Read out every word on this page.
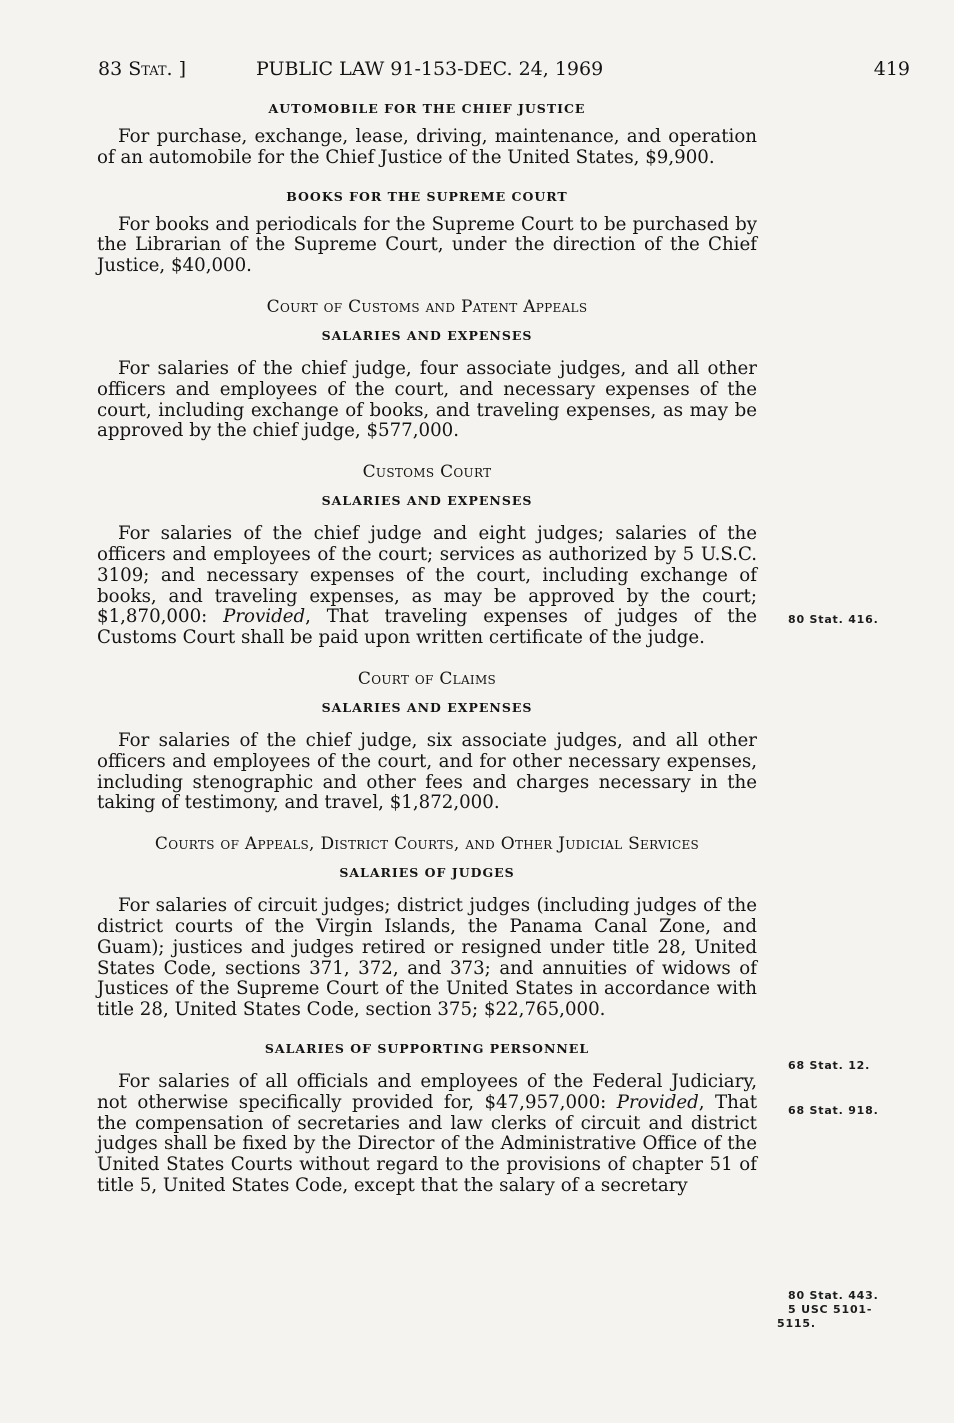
83 Stat. ]	PUBLIC LAW 91-153-DEC. 24, 1969	419
AUTOMOBILE FOR THE CHIEF JUSTICE

For purchase, exchange, lease, driving, maintenance, and operation of an automobile for the Chief Justice of the United States, $9,900.

BOOKS FOR THE SUPREME COURT

For books and periodicals for the Supreme Court to be purchased by the Librarian of the Supreme Court, under the direction of the Chief Justice, $40,000.

Court of Customs and Patent Appeals
SALARIES AND EXPENSES

For salaries of the chief judge, four associate judges, and all other officers and employees of the court, and necessary expenses of the court, including exchange of books, and traveling expenses, as may be approved by the chief judge, $577,000.

Customs Court
SALARIES AND EXPENSES

For salaries of the chief judge and eight judges; salaries of the officers and employees of the court; services as authorized by 5 U.S.C. 3109; and necessary expenses of the court, including exchange of books, and traveling expenses, as may be approved by the court; $1,870,000: Provided, That traveling expenses of judges of the Customs Court shall be paid upon written certificate of the judge.

Court of Claims
SALARIES AND EXPENSES

For salaries of the chief judge, six associate judges, and all other officers and employees of the court, and for other necessary expenses, including stenographic and other fees and charges necessary in the taking of testimony, and travel, $1,872,000.

Courts of Appeals, District Courts, and Other Judicial Services
SALARIES OF JUDGES

For salaries of circuit judges; district judges (including judges of the district courts of the Virgin Islands, the Panama Canal Zone, and Guam); justices and judges retired or resigned under title 28, United States Code, sections 371, 372, and 373; and annuities of widows of Justices of the Supreme Court of the United States in accordance with title 28, United States Code, section 375; $22,765,000.

SALARIES OF SUPPORTING PERSONNEL

For salaries of all officials and employees of the Federal Judiciary, not otherwise specifically provided for, $47,957,000: Provided, That the compensation of secretaries and law clerks of circuit and district judges shall be fixed by the Director of the Administrative Office of the United States Courts without regard to the provisions of chapter 51 of title 5, United States Code, except that the salary of a secretary

80 Stat. 416.
68 Stat. 12.
68 Stat. 918.
80 Stat. 443.
5 USC 5101-
5115.
